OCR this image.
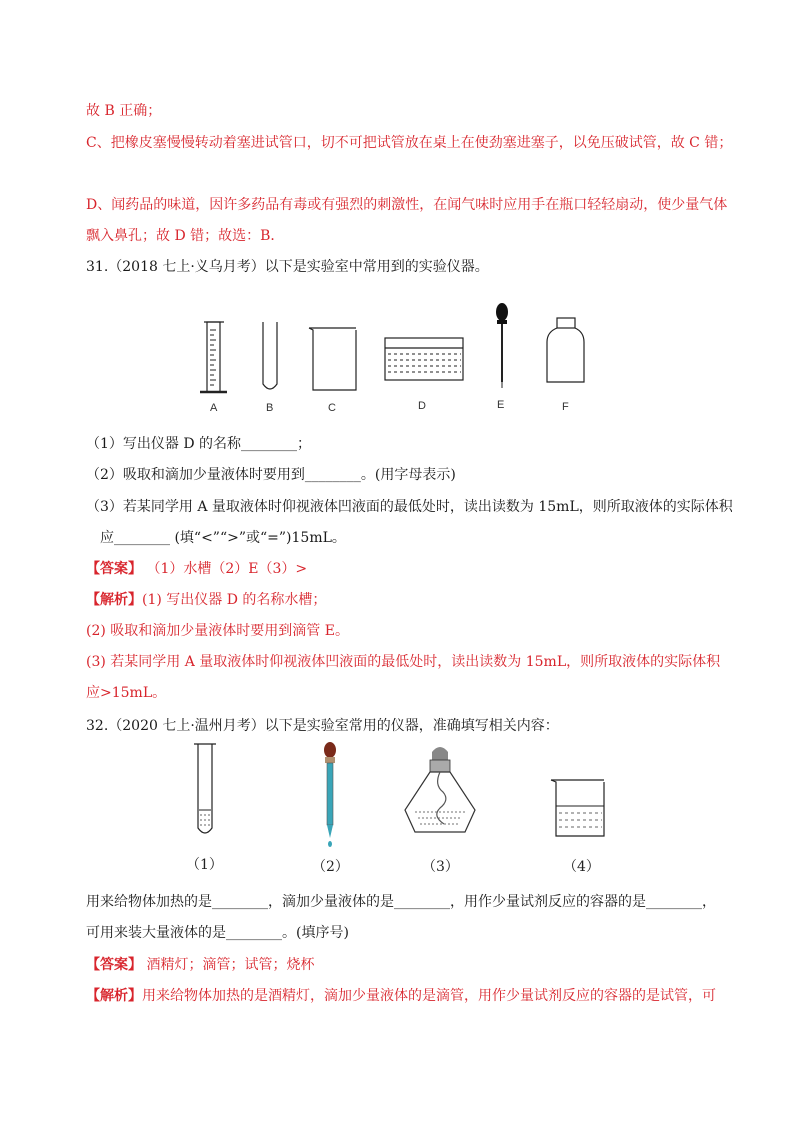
故 B 正确；
C、把橡皮塞慢慢转动着塞进试管口，切不可把试管放在桌上在使劲塞进塞子，以免压破试管，故 C 错；
D、闻药品的味道，因许多药品有毒或有强烈的刺激性，在闻气味时应用手在瓶口轻轻扇动，使少量气体
飘入鼻孔；故 D 错；故选：B．
31.（2018 七上·义乌月考）以下是实验室中常用到的实验仪器。
A	B	C	D	E	F
（1）写出仪器 D 的名称________；
（2）吸取和滴加少量液体时要用到________。(用字母表示)
（3）若某同学用 A 量取液体时仰视液体凹液面的最低处时，读出读数为 15mL，则所取液体的实际体积
应________ (填“<”“>”或“=”)15mL。
【答案】 （1）水槽（2）E（3）>
【解析】(1) 写出仪器 D 的名称水槽；
(2) 吸取和滴加少量液体时要用到滴管 E。
(3) 若某同学用 A 量取液体时仰视液体凹液面的最低处时，读出读数为 15mL，则所取液体的实际体积
应>15mL。
32.（2020 七上·温州月考）以下是实验室常用的仪器，准确填写相关内容：
（1）	（2）	（3）	（4）
用来给物体加热的是________，滴加少量液体的是________，用作少量试剂反应的容器的是________，
可用来装大量液体的是________。(填序号)
【答案】 酒精灯；滴管；试管；烧杯
【解析】用来给物体加热的是酒精灯，滴加少量液体的是滴管，用作少量试剂反应的容器的是试管，可
